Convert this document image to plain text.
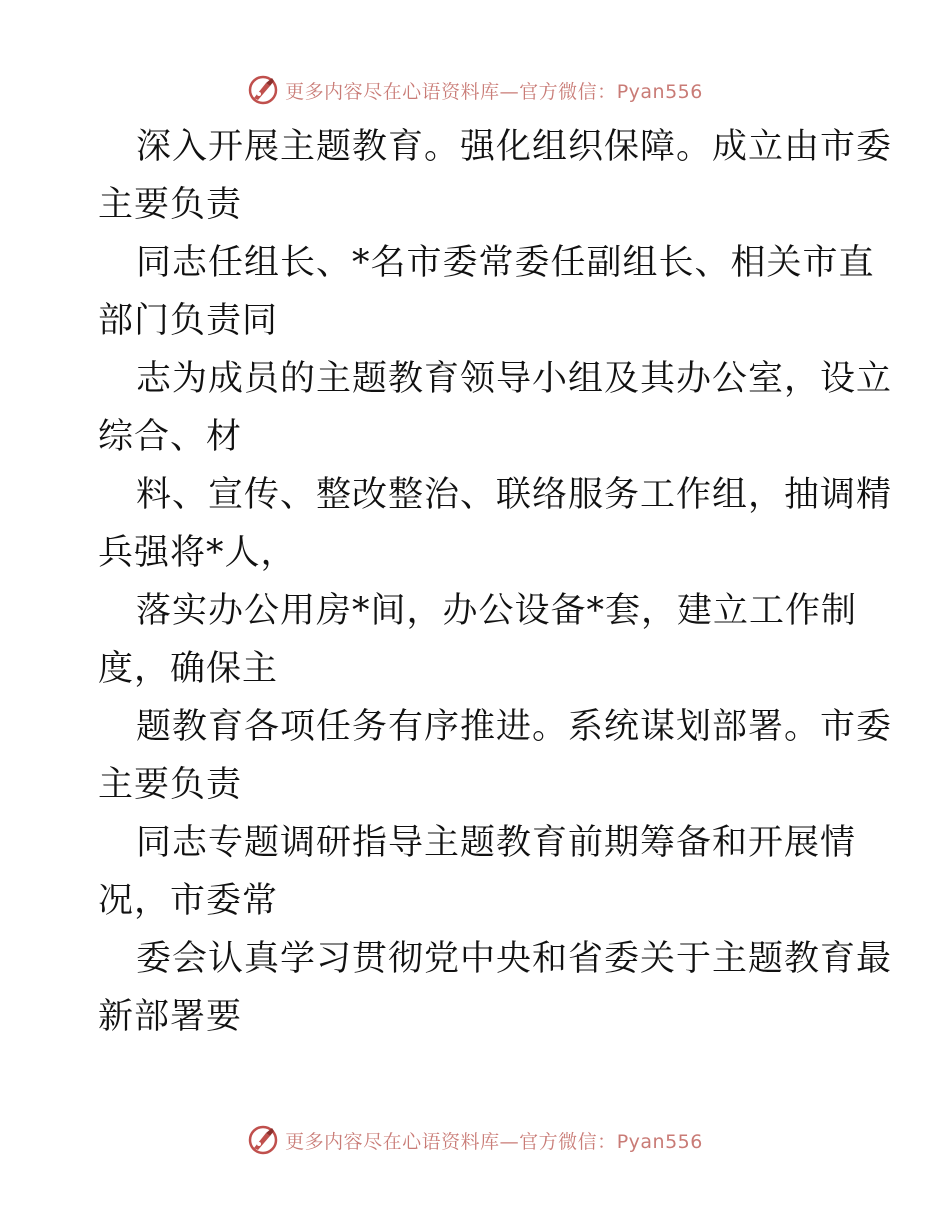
更多内容尽在心语资料库—官方微信：Pyan556

深入开展主题教育。强化组织保障。成立由市委
主要负责

同志任组长、*名市委常委任副组长、相关市直
部门负责同

志为成员的主题教育领导小组及其办公室，设立
综合、材

料、宣传、整改整治、联络服务工作组，抽调精
兵强将*人，

落实办公用房*间，办公设备*套，建立工作制
度，确保主

题教育各项任务有序推进。系统谋划部署。市委
主要负责

同志专题调研指导主题教育前期筹备和开展情
况，市委常

委会认真学习贯彻党中央和省委关于主题教育最
新部署要

更多内容尽在心语资料库—官方微信：Pyan556
